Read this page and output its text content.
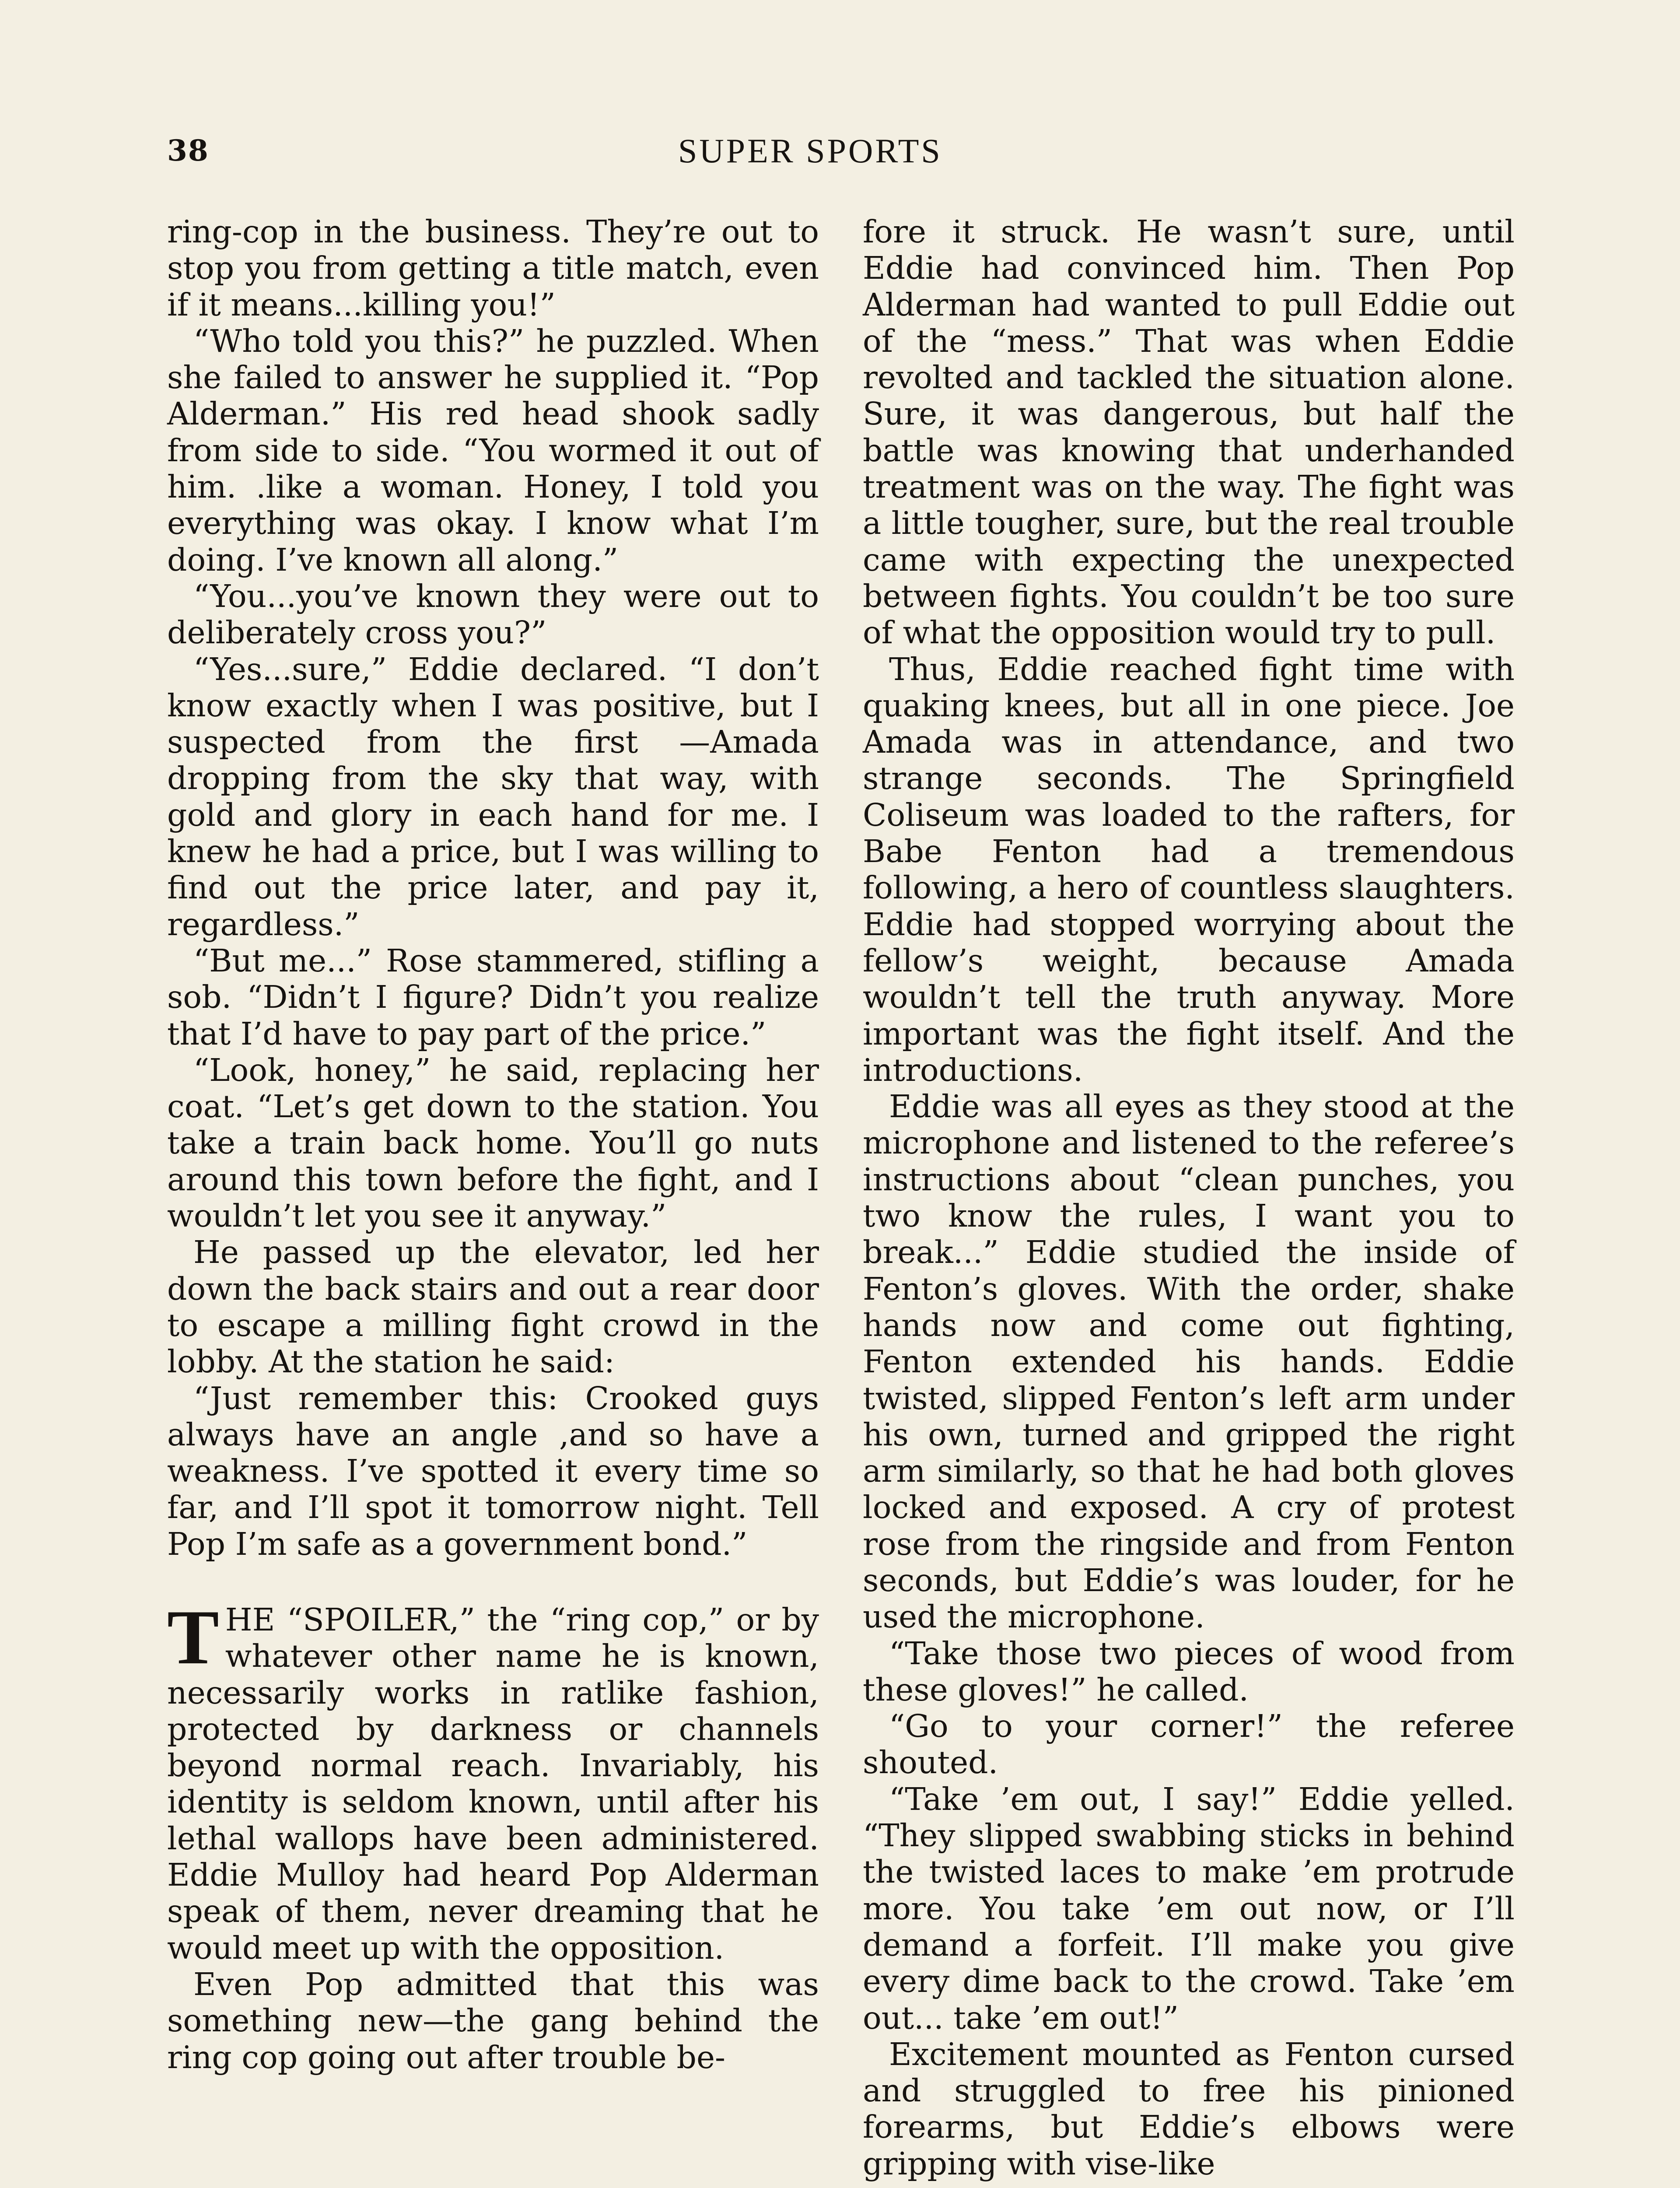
38	SUPER SPORTS

ring-cop in the business. They’re out to stop you from getting a title match, even if it means...killing you!”

“Who told you this?” he puzzled. When she failed to answer he supplied it. “Pop Alderman.” His red head shook sadly from side to side. “You wormed it out of him. .like a woman. Honey, I told you everything was okay. I know what I’m doing. I’ve known all along.”

“You...you’ve known they were out to deliberately cross you?”

“Yes...sure,” Eddie declared. “I don’t know exactly when I was positive, but I suspected from the first —Amada dropping from the sky that way, with gold and glory in each hand for me. I knew he had a price, but I was willing to find out the price later, and pay it, regardless.”

“But me...” Rose stammered, stifling a sob. “Didn’t I figure? Didn’t you realize that I’d have to pay part of the price.”

“Look, honey,” he said, replacing her coat. “Let’s get down to the station. You take a train back home. You’ll go nuts around this town before the fight, and I wouldn’t let you see it anyway.”

He passed up the elevator, led her down the back stairs and out a rear door to escape a milling fight crowd in the lobby. At the station he said:

“Just remember this: Crooked guys always have an angle ,and so have a weakness. I’ve spotted it every time so far, and I’ll spot it tomorrow night. Tell Pop I’m safe as a government bond.”

THE “SPOILER,” the “ring cop,” or by whatever other name he is known, necessarily works in ratlike fashion, protected by darkness or channels beyond normal reach. Invariably, his identity is seldom known, until after his lethal wallops have been administered. Eddie Mulloy had heard Pop Alderman speak of them, never dreaming that he would meet up with the opposition.

Even Pop admitted that this was something new—the gang behind the ring cop going out after trouble be-

fore it struck. He wasn’t sure, until Eddie had convinced him. Then Pop Alderman had wanted to pull Eddie out of the “mess.” That was when Eddie revolted and tackled the situation alone. Sure, it was dangerous, but half the battle was knowing that underhanded treatment was on the way. The fight was a little tougher, sure, but the real trouble came with expecting the unexpected between fights. You couldn’t be too sure of what the opposition would try to pull.

Thus, Eddie reached fight time with quaking knees, but all in one piece. Joe Amada was in attendance, and two strange seconds. The Springfield Coliseum was loaded to the rafters, for Babe Fenton had a tremendous following, a hero of countless slaughters. Eddie had stopped worrying about the fellow’s weight, because Amada wouldn’t tell the truth anyway. More important was the fight itself. And the introductions.

Eddie was all eyes as they stood at the microphone and listened to the referee’s instructions about “clean punches, you two know the rules, I want you to break...” Eddie studied the inside of Fenton’s gloves. With the order, shake hands now and come out fighting, Fenton extended his hands. Eddie twisted, slipped Fenton’s left arm under his own, turned and gripped the right arm similarly, so that he had both gloves locked and exposed. A cry of protest rose from the ringside and from Fenton seconds, but Eddie’s was louder, for he used the microphone.

“Take those two pieces of wood from these gloves!” he called.

“Go to your corner!” the referee shouted.

“Take ’em out, I say!” Eddie yelled. “They slipped swabbing sticks in behind the twisted laces to make ’em protrude more. You take ’em out now, or I’ll demand a forfeit. I’ll make you give every dime back to the crowd. Take ’em out... take ’em out!”

Excitement mounted as Fenton cursed and struggled to free his pinioned forearms, but Eddie’s elbows were gripping with vise-like
